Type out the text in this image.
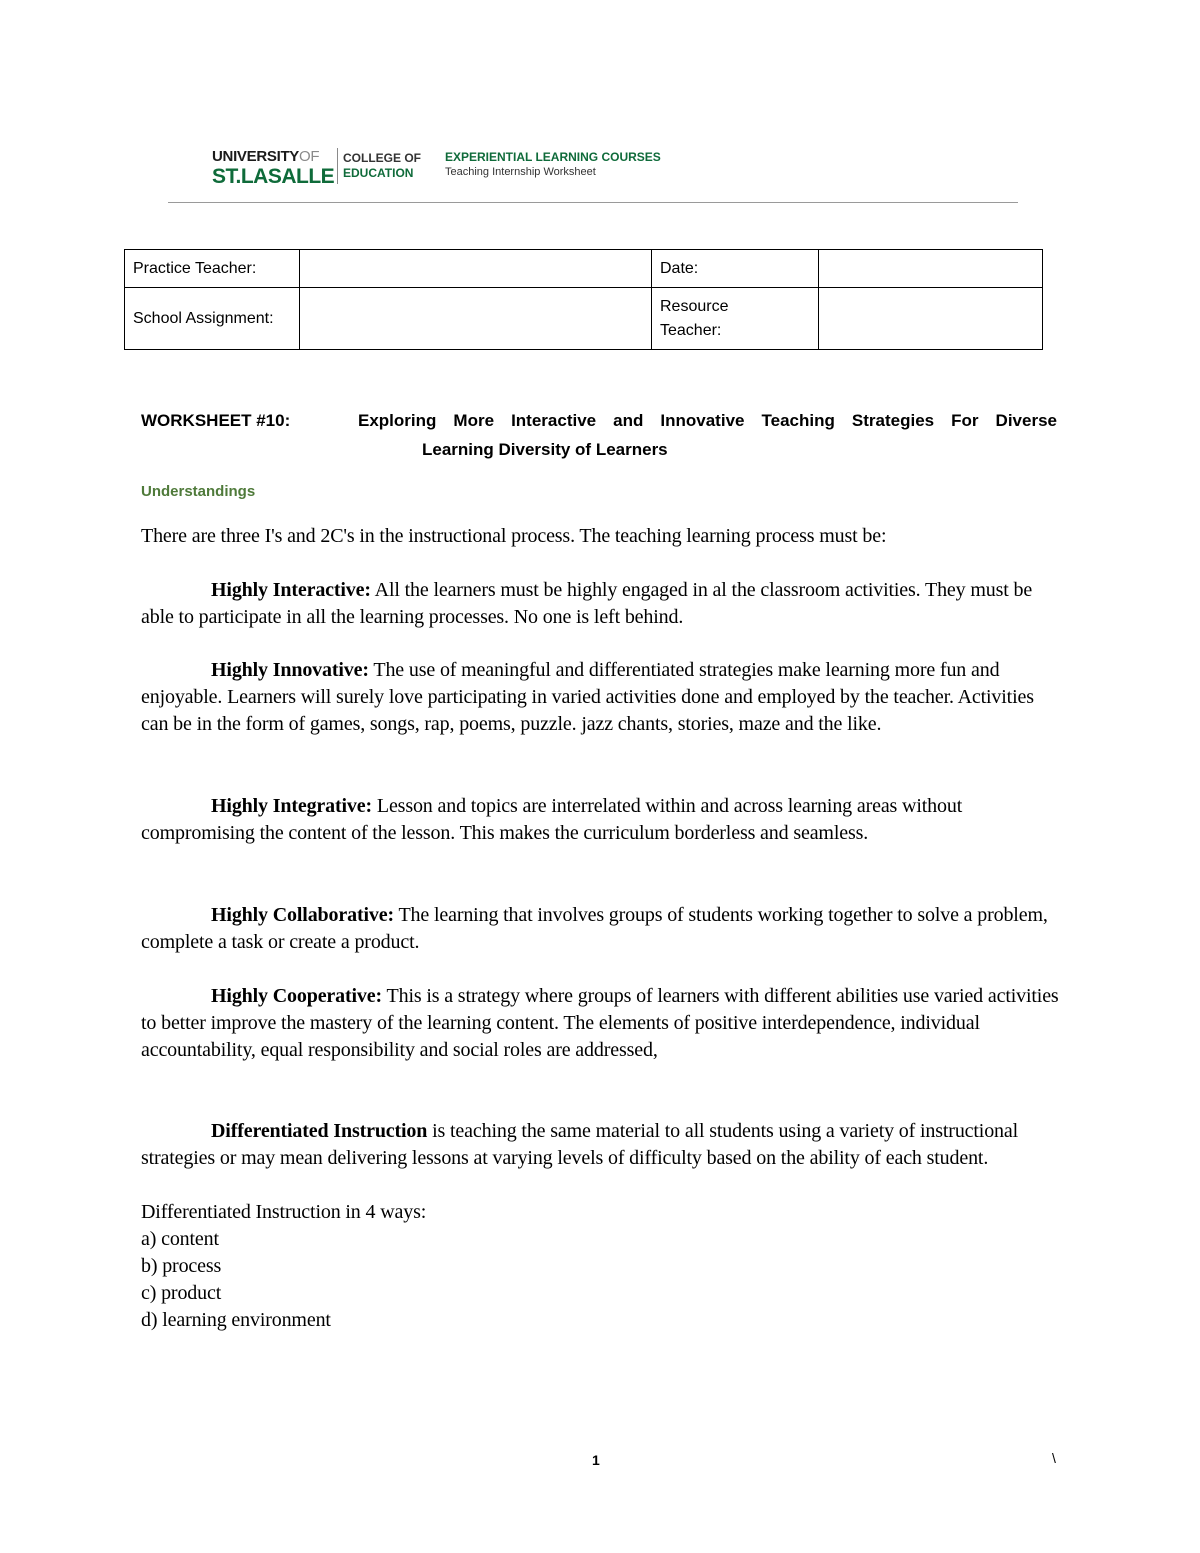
UNIVERSITYOF
ST.LASALLE
COLLEGE OF
EDUCATION
EXPERIENTIAL LEARNING COURSES
Teaching Internship Worksheet
Practice Teacher:		Date:	
School Assignment:		Resource
Teacher:	

WORKSHEET #10:	Exploring More Interactive and Innovative Teaching Strategies For Diverse
Learning Diversity of Learners
Understandings
There are three I's and 2C's in the instructional process. The teaching learning process must be:
Highly Interactive: All the learners must be highly engaged in al the classroom activities. They must be able to participate in all the learning processes. No one is left behind.
Highly Innovative: The use of meaningful and differentiated strategies make learning more fun and enjoyable. Learners will surely love participating in varied activities done and employed by the teacher. Activities can be in the form of games, songs, rap, poems, puzzle. jazz chants, stories, maze and the like.
Highly Integrative: Lesson and topics are interrelated within and across learning areas without compromising the content of the lesson. This makes the curriculum borderless and seamless.
Highly Collaborative: The learning that involves groups of students working together to solve a problem, complete a task or create a product.
Highly Cooperative: This is a strategy where groups of learners with different abilities use varied activities to better improve the mastery of the learning content. The elements of positive interdependence, individual accountability, equal responsibility and social roles are addressed,
Differentiated Instruction is teaching the same material to all students using a variety of instructional strategies or may mean delivering lessons at varying levels of difficulty based on the ability of each student.
Differentiated Instruction in 4 ways:
a) content
b) process
c) product
d) learning environment
1	\
